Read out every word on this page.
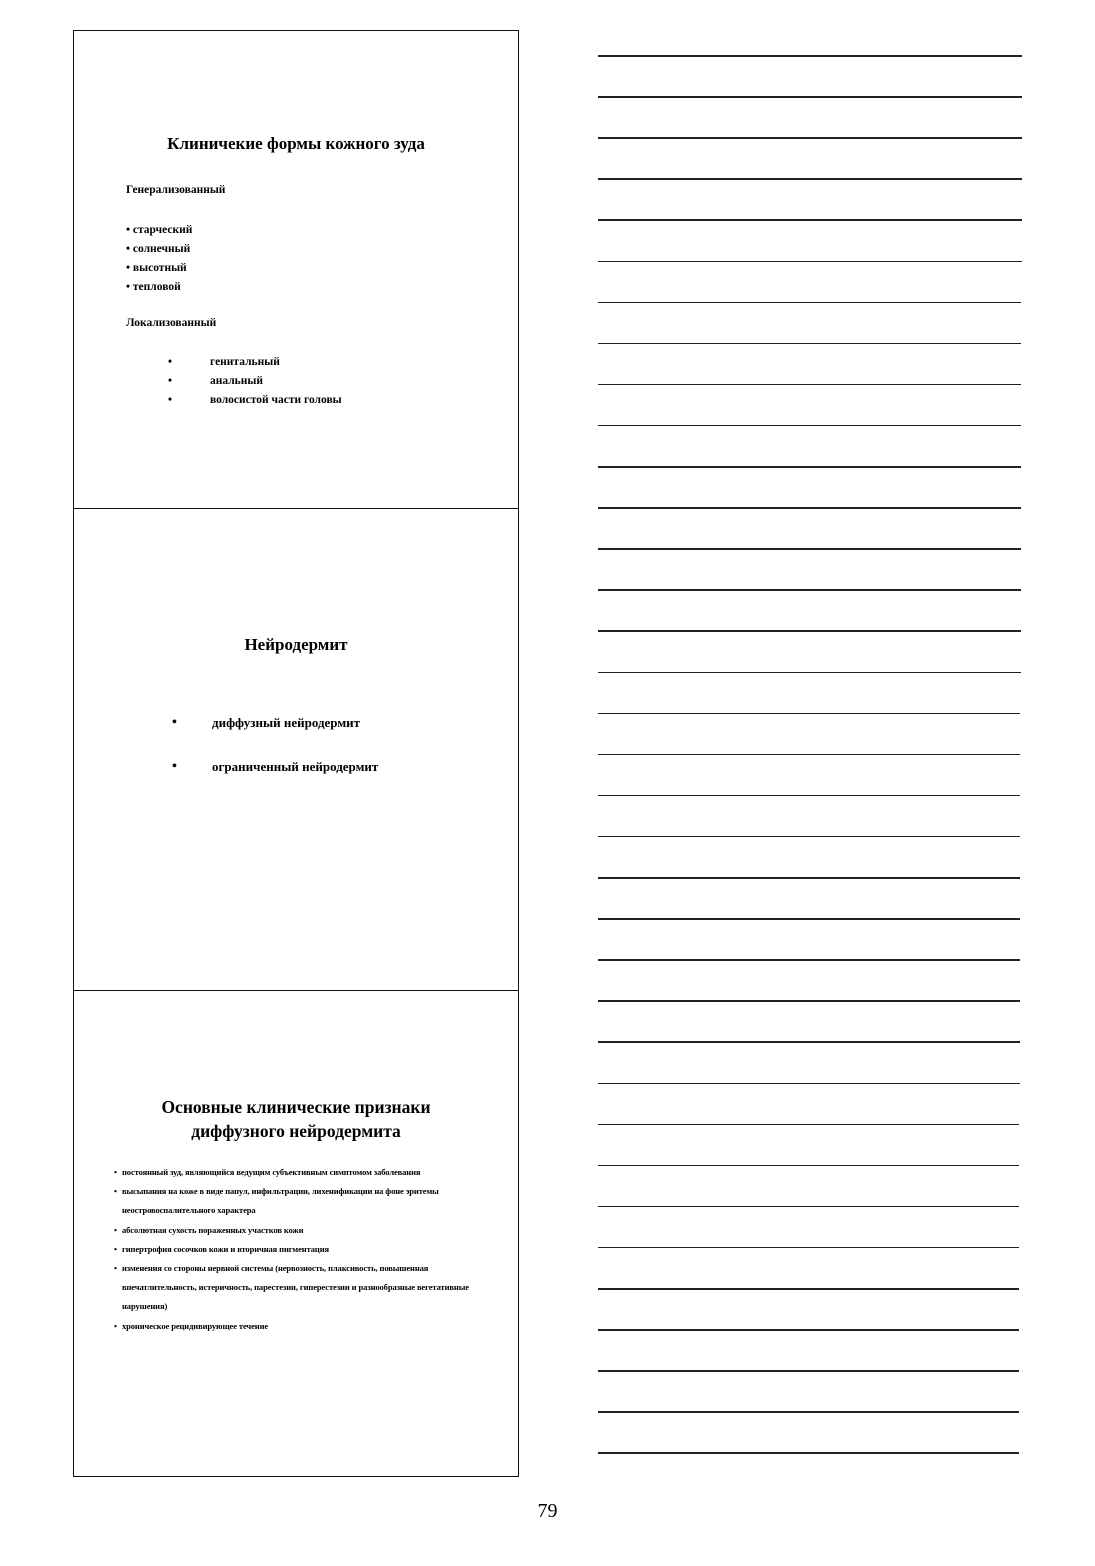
Клиничекие формы кожного зуда
Генерализованный
• старческий
• солнечный
• высотный
• тепловой
Локализованный
• генитальный
• анальный
• волосистой части головы
Нейродермит
• диффузный нейродермит
• ограниченный нейродермит
Основные клинические признаки
диффузного нейродермита
• постоянный зуд, являющийся ведущим субъективным симптомом заболевания
• высыпания на коже в виде папул, инфильтрации, лихенификации на фоне эритемы неостровоспалительного характера
• абсолютная сухость пораженных участков кожи
• гипертрофия сосочков кожи и вторичная пигментация
• изменения со стороны нервной системы (нервозность, плаксивость, повышенная впечатлительность, истеричность, парестезии, гиперестезии и разнообразные вегетативные нарушения)
• хроническое рецидивирующее течение
79
